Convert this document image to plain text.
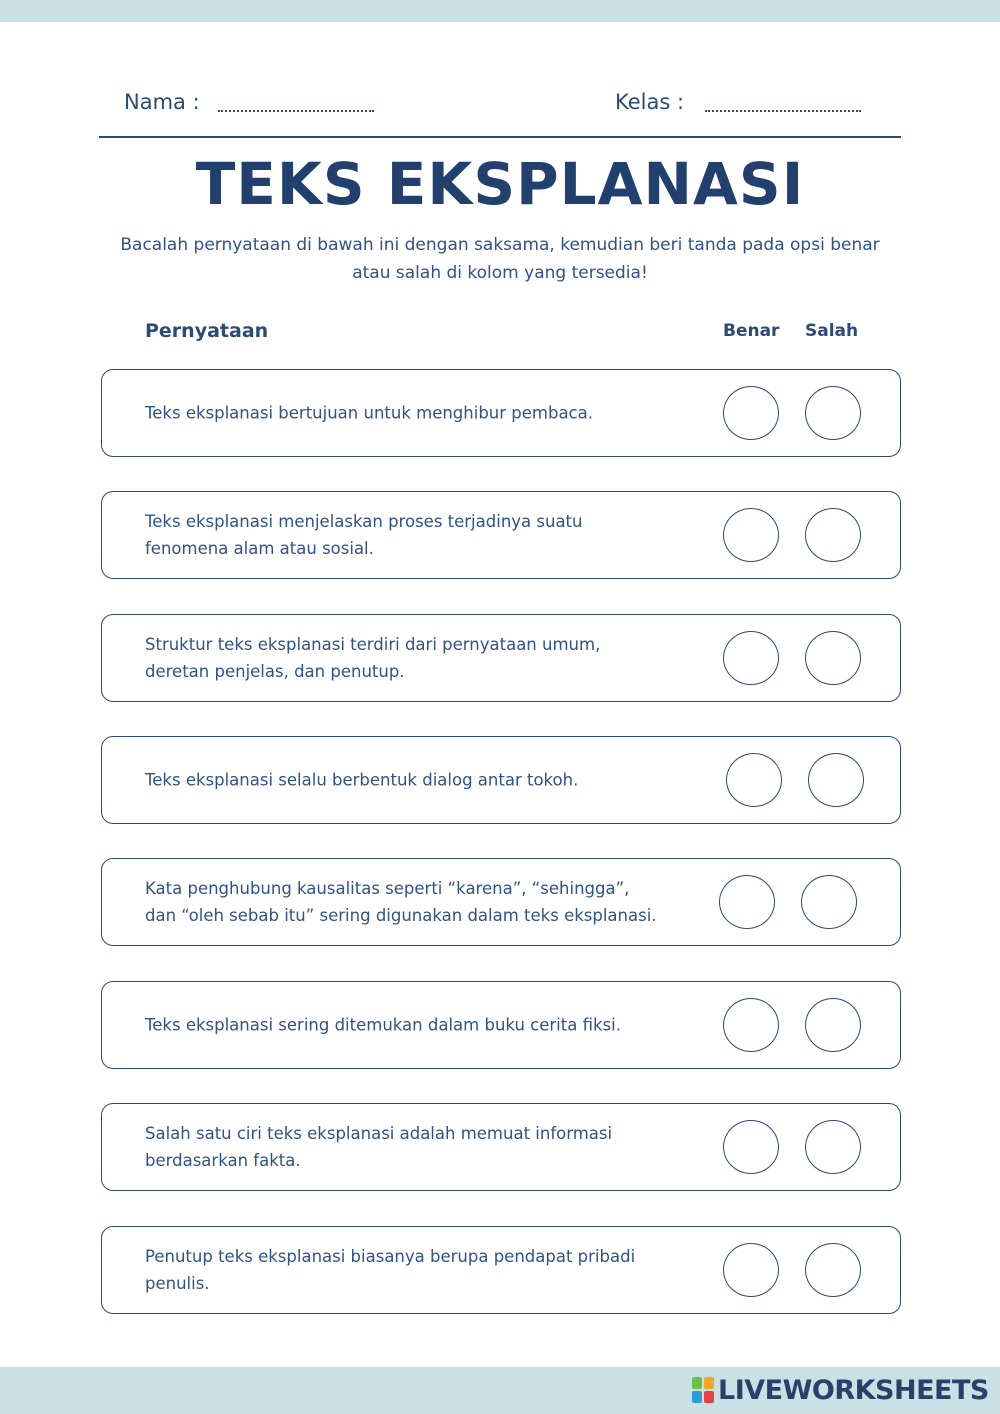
Nama :	Kelas :
TEKS EKSPLANASI

Bacalah pernyataan di bawah ini dengan saksama, kemudian beri tanda pada opsi benar atau salah di kolom yang tersedia!

Pernyataan	Benar Salah
Teks eksplanasi bertujuan untuk menghibur pembaca.
Teks eksplanasi menjelaskan proses terjadinya suatu
fenomena alam atau sosial.
Struktur teks eksplanasi terdiri dari pernyataan umum,
deretan penjelas, dan penutup.
Teks eksplanasi selalu berbentuk dialog antar tokoh.
Kata penghubung kausalitas seperti “karena”, “sehingga”,
dan “oleh sebab itu” sering digunakan dalam teks eksplanasi.
Teks eksplanasi sering ditemukan dalam buku cerita fiksi.
Salah satu ciri teks eksplanasi adalah memuat informasi
berdasarkan fakta.
Penutup teks eksplanasi biasanya berupa pendapat pribadi
penulis.
LIVEWORKSHEETS
